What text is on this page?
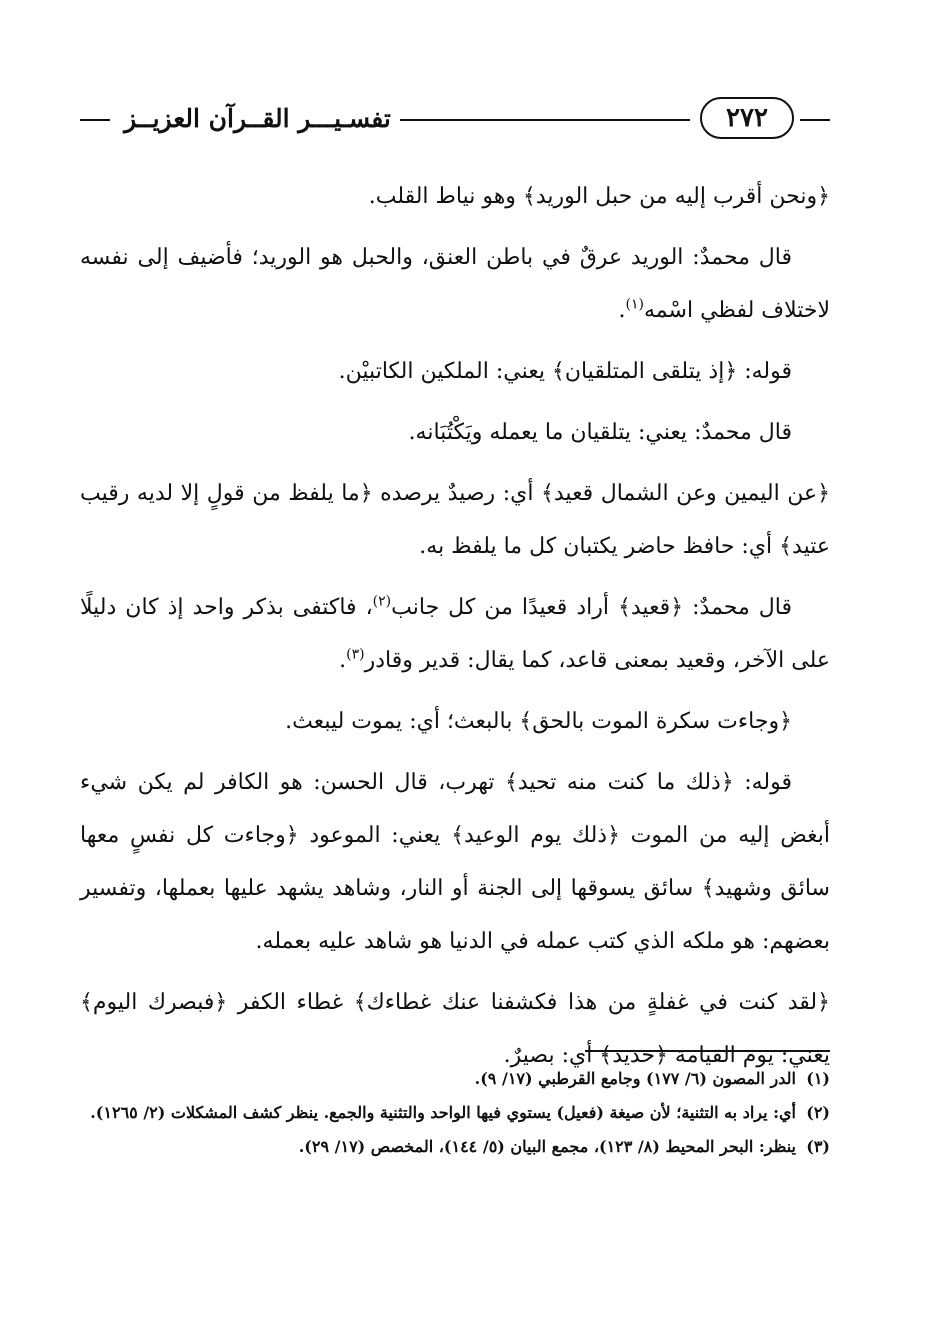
٢٧٢
تفسـيـــر القــرآن العزيــز

﴿ونحن أقرب إليه من حبل الوريد﴾ وهو نياط القلب.

قال محمدٌ: الوريد عرقٌ في باطن العنق، والحبل هو الوريد؛ فأضيف إلى نفسه لاختلاف لفظي اسْمه$^{(١)}$.

قوله: ﴿إذ يتلقى المتلقيان﴾ يعني: الملكين الكاتبيْن.

قال محمدٌ: يعني: يتلقيان ما يعمله ويَكْتُبَانه.

﴿عن اليمين وعن الشمال قعيد﴾ أي: رصيدٌ يرصده ﴿ما يلفظ من قولٍ إلا لديه رقيب عتيد﴾ أي: حافظ حاضر يكتبان كل ما يلفظ به.

قال محمدٌ: ﴿قعيد﴾ أراد قعيدًا من كل جانب$^{(٢)}$، فاكتفى بذكر واحد إذ كان دليلًا على الآخر، وقعيد بمعنى قاعد، كما يقال: قدير وقادر$^{(٣)}$.

﴿وجاءت سكرة الموت بالحق﴾ بالبعث؛ أي: يموت ليبعث.

قوله: ﴿ذلك ما كنت منه تحيد﴾ تهرب، قال الحسن: هو الكافر لم يكن شيء أبغض إليه من الموت ﴿ذلك يوم الوعيد﴾ يعني: الموعود ﴿وجاءت كل نفسٍ معها سائق وشهيد﴾ سائق يسوقها إلى الجنة أو النار، وشاهد يشهد عليها بعملها، وتفسير بعضهم: هو ملكه الذي كتب عمله في الدنيا هو شاهد عليه بعمله.

﴿لقد كنت في غفلةٍ من هذا فكشفنا عنك غطاءك﴾ غطاء الكفر ﴿فبصرك اليوم﴾ يعني: يوم القيامة ﴿حديد﴾ أي: بصيرٌ.

(١)
الدر المصون (٦/ ١٧٧) وجامع القرطبي (١٧/ ٩).
(٢)
أي: يراد به التثنية؛ لأن صيغة (فعيل) يستوي فيها الواحد والتثنية والجمع. ينظر كشف المشكلات (٢/ ١٢٦٥).
(٣)
ينظر: البحر المحيط (٨/ ١٢٣)، مجمع البيان (٥/ ١٤٤)، المخصص (١٧/ ٢٩).
